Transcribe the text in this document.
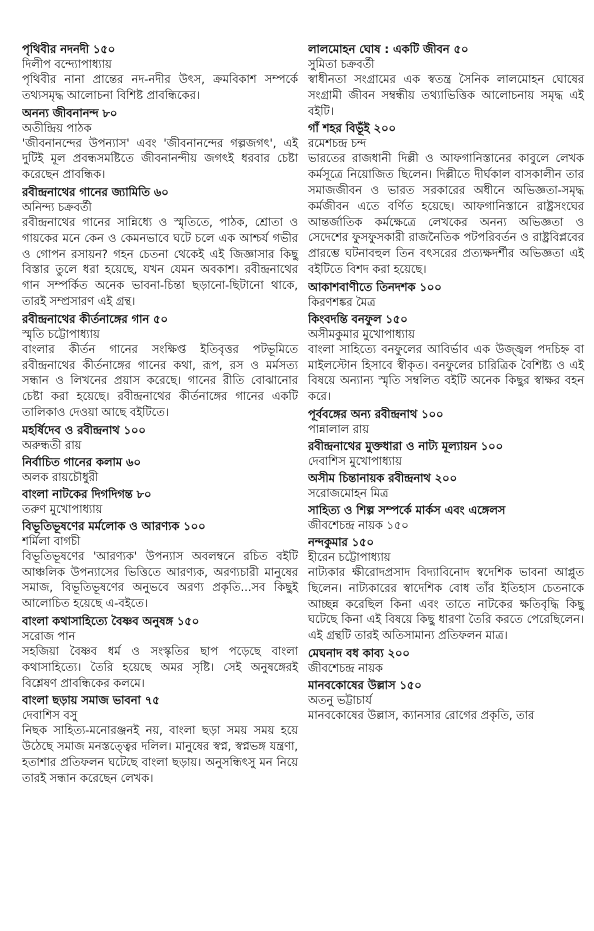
পৃথিবীর নদনদী ১৫০
দিলীপ বন্দ্যোপাধ্যায়
পৃথিবীর নানা প্রান্তের নদ-নদীর উৎস, ক্রমবিকাশ সম্পর্কে তথ্যসমৃদ্ধ আলোচনা বিশিষ্ট প্রাবন্ধিকের।
অনন্য জীবনানন্দ ৮০
অতীন্দ্রিয় পাঠক
'জীবনানন্দের উপন্যাস' এবং 'জীবনানন্দের গল্পজগৎ', এই দুটিই মূল প্রবন্ধসমষ্টিতে জীবনানন্দীয় জগৎই ধরবার চেষ্টা করেছেন প্রাবন্ধিক।
রবীন্দ্রনাথের গানের জ্যামিতি ৬০
অনিন্দ্য চক্রবর্তী
রবীন্দ্রনাথের গানের সান্নিধ্যে ও স্মৃতিতে, পাঠক, শ্রোতা ও গায়কের মনে কেন ও কেমনভাবে ঘটে চলে এক আশ্চর্য গভীর ও গোপন রসায়ন? গহন চেতনা থেকেই এই জিজ্ঞাসার কিছু বিস্তার তুলে ধরা হয়েছে, যখন যেমন অবকাশ। রবীন্দ্রনাথের গান সম্পর্কিত অনেক ভাবনা-চিন্তা ছড়ানো-ছিটানো থাকে, তারই সম্প্রসারণ এই গ্রন্থ।
রবীন্দ্রনাথের কীর্তনাঙ্গের গান ৫০
স্মৃতি চট্টোপাধ্যায়
বাংলার কীর্তন গানের সংক্ষিপ্ত ইতিবৃত্তর পটভূমিতে রবীন্দ্রনাথের কীর্তনাঙ্গের গানের কথা, রূপ, রস ও মর্মসত্য সন্ধান ও লিখনের প্রয়াস করেছে। গানের রীতি বোঝানোর চেষ্টা করা হয়েছে। রবীন্দ্রনাথের কীর্তনাঙ্গের গানের একটি তালিকাও দেওয়া আছে বইটিতে।
মহর্ষিদেব ও রবীন্দ্রনাথ ১০০
অরুন্ধতী রায়
নির্বাচিত গানের কলাম ৬০
অলক রায়চৌধুরী
বাংলা নাটকের দিগদিগন্ত ৮০
তরুণ মুখোপাধ্যায়
বিভূতিভূষণের মর্মলোক ও আরণ্যক ১০০
শর্মিলা বাগচী
বিভূতিভূষণের 'আরণ্যক' উপন্যাস অবলম্বনে রচিত বইটি আঞ্চলিক উপন্যাসের ভিত্তিতে আরণ্যক, অরণ্যচারী মানুষের সমাজ, বিভূতিভূষণের অনুভবে অরণ্য প্রকৃতি...সব কিছুই আলোচিত হয়েছে এ-বইতে।
বাংলা কথাসাহিত্যে বৈষ্ণব অনুষঙ্গ ১৫০
সরোজ পান
সহজিয়া বৈষ্ণব ধর্ম ও সংস্কৃতির ছাপ পড়েছে বাংলা কথাসাহিত্যে। তৈরি হয়েছে অমর সৃষ্টি। সেই অনুষঙ্গেরই বিশ্লেষণ প্রাবন্ধিকের কলমে।
বাংলা ছড়ায় সমাজ ভাবনা ৭৫
দেবাশিস বসু
নিছক সাহিত্য-মনোরঞ্জনই নয়, বাংলা ছড়া সময় সময় হয়ে উঠেছে সমাজ মনস্তত্ত্বের দলিল। মানুষের স্বপ্ন, স্বপ্নভঙ্গ যন্ত্রণা, হতাশার প্রতিফলন ঘটেছে বাংলা ছড়ায়। অনুসন্ধিৎসু মন নিয়ে তারই সন্ধান করেছেন লেখক।
লালমোহন ঘোষ : একটি জীবন ৫০
সুমিতা চক্রবর্তী
স্বাধীনতা সংগ্রামের এক স্বতন্ত্র সৈনিক লালমোহন ঘোষের সংগ্রামী জীবন সম্বন্ধীয় তথ্যাভিত্তিক আলোচনায় সমৃদ্ধ এই বইটি।
গাঁ শহর বিভূঁই ২০০
রমেশচন্দ্র চন্দ
ভারতের রাজধানী দিল্লী ও আফগানিস্তানের কাবুলে লেখক কর্মসূত্রে নিয়োজিত ছিলেন। দিল্লীতে দীর্ঘকাল বাসকালীন তার সমাজজীবন ও ভারত সরকারের অধীনে অভিজ্ঞতা-সমৃদ্ধ কর্মজীবন এতে বর্ণিত হয়েছে। আফগানিস্তানে রাষ্ট্রসংঘের আন্তর্জাতিক কর্মক্ষেত্রে লেখকের অনন্য অভিজ্ঞতা ও সেদেশের ফুসফুসকারী রাজনৈতিক পটপরিবর্তন ও রাষ্ট্রবিপ্লবের প্রারম্ভে ঘটনাবহুল তিন বৎসরের প্রত্যক্ষদর্শীর অভিজ্ঞতা এই বইটিতে বিশদ করা হয়েছে।
আকাশবাণীতে তিনদশক ১০০
কিরণশঙ্কর মৈত্র
কিংবদন্তি বনফুল ১৫০
অসীমকুমার মুখোপাধ্যায়
বাংলা সাহিত্যে বনফুলের আবির্ভাব এক উজ্জ্বল পদচিহ্ন বা মাইলস্টোন হিসাবে স্বীকৃত। বনফুলের চারিত্রিক বৈশিষ্ট্য ও এই বিষয়ে অন্যান্য স্মৃতি সম্বলিত বইটি অনেক কিছুর স্বাক্ষর বহন করে।
পূর্ববঙ্গের অন্য রবীন্দ্রনাথ ১০০
পান্নালাল রায়
রবীন্দ্রনাথের মুক্তধারা ও নাট্য মূল্যায়ন ১০০
দেবাশিস মুখোপাধ্যায়
অসীম চিন্তানায়ক রবীন্দ্রনাথ ২০০
সরোজমোহন মিত্র
সাহিত্য ও শিল্প সম্পর্কে মার্কস এবং এঙ্গেলস
জীবশেচন্দ্র নায়ক ১৫০
নন্দকুমার ১৫০
হীরেন চট্টোপাধ্যায়
নাট্যকার ক্ষীরোদপ্রসাদ বিদ্যাবিনোদ স্বদেশিক ভাবনা আপ্লুত ছিলেন। নাট্যকারের স্বাদেশিক বোধ তাঁর ইতিহাস চেতনাকে আচ্ছন্ন করেছিল কিনা এবং তাতে নাটকের ক্ষতিবৃদ্ধি কিছু ঘটেছে কিনা এই বিষয়ে কিছু ধারণা তৈরি করতে পেরেছিলেন। এই গ্রন্থটি তারই অতিসামান্য প্রতিফলন মাত্র।
মেঘনাদ বধ কাব্য ২০০
জীবশেচন্দ্র নায়ক
মানবকোষের উল্লাস ১৫০
অতনু ভট্টাচার্য
মানবকোষের উল্লাস, ক্যানসার রোগের প্রকৃতি, তার
